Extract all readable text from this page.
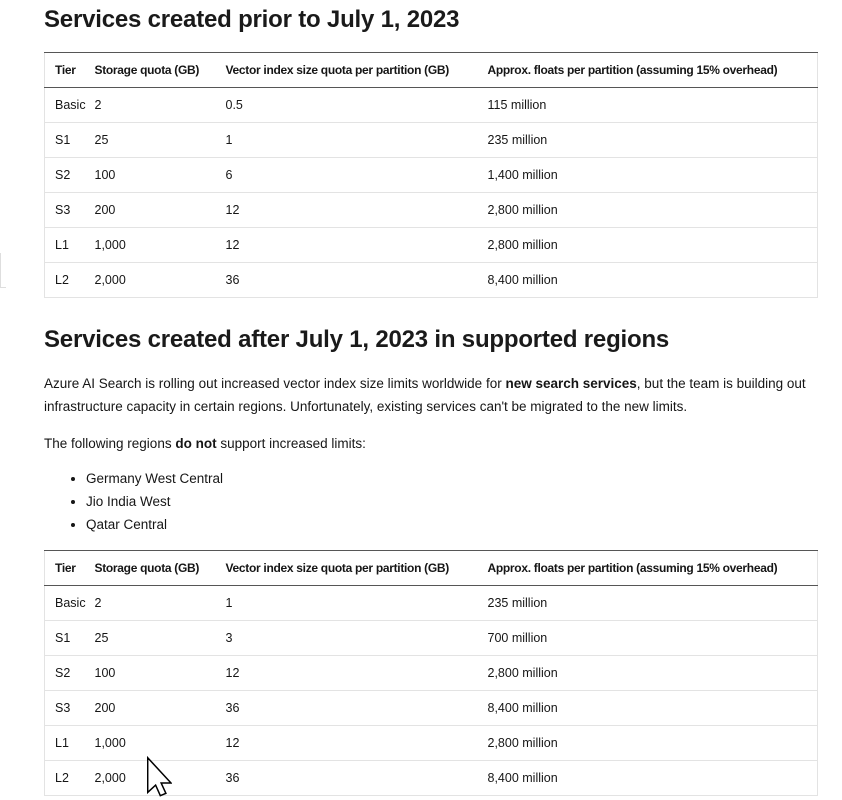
Services created prior to July 1, 2023
Tier	Storage quota (GB)	Vector index size quota per partition (GB)	Approx. floats per partition (assuming 15% overhead)
Basic	2	0.5	115 million
S1	25	1	235 million
S2	100	6	1,400 million
S3	200	12	2,800 million
L1	1,000	12	2,800 million
L2	2,000	36	8,400 million
Services created after July 1, 2023 in supported regions

Azure AI Search is rolling out increased vector index size limits worldwide for new search services, but the team is building out infrastructure capacity in certain regions. Unfortunately, existing services can't be migrated to the new limits.

The following regions do not support increased limits:

• Germany West Central
• Jio India West
• Qatar Central
Tier	Storage quota (GB)	Vector index size quota per partition (GB)	Approx. floats per partition (assuming 15% overhead)
Basic	2	1	235 million
S1	25	3	700 million
S2	100	12	2,800 million
S3	200	36	8,400 million
L1	1,000	12	2,800 million
L2	2,000	36	8,400 million
